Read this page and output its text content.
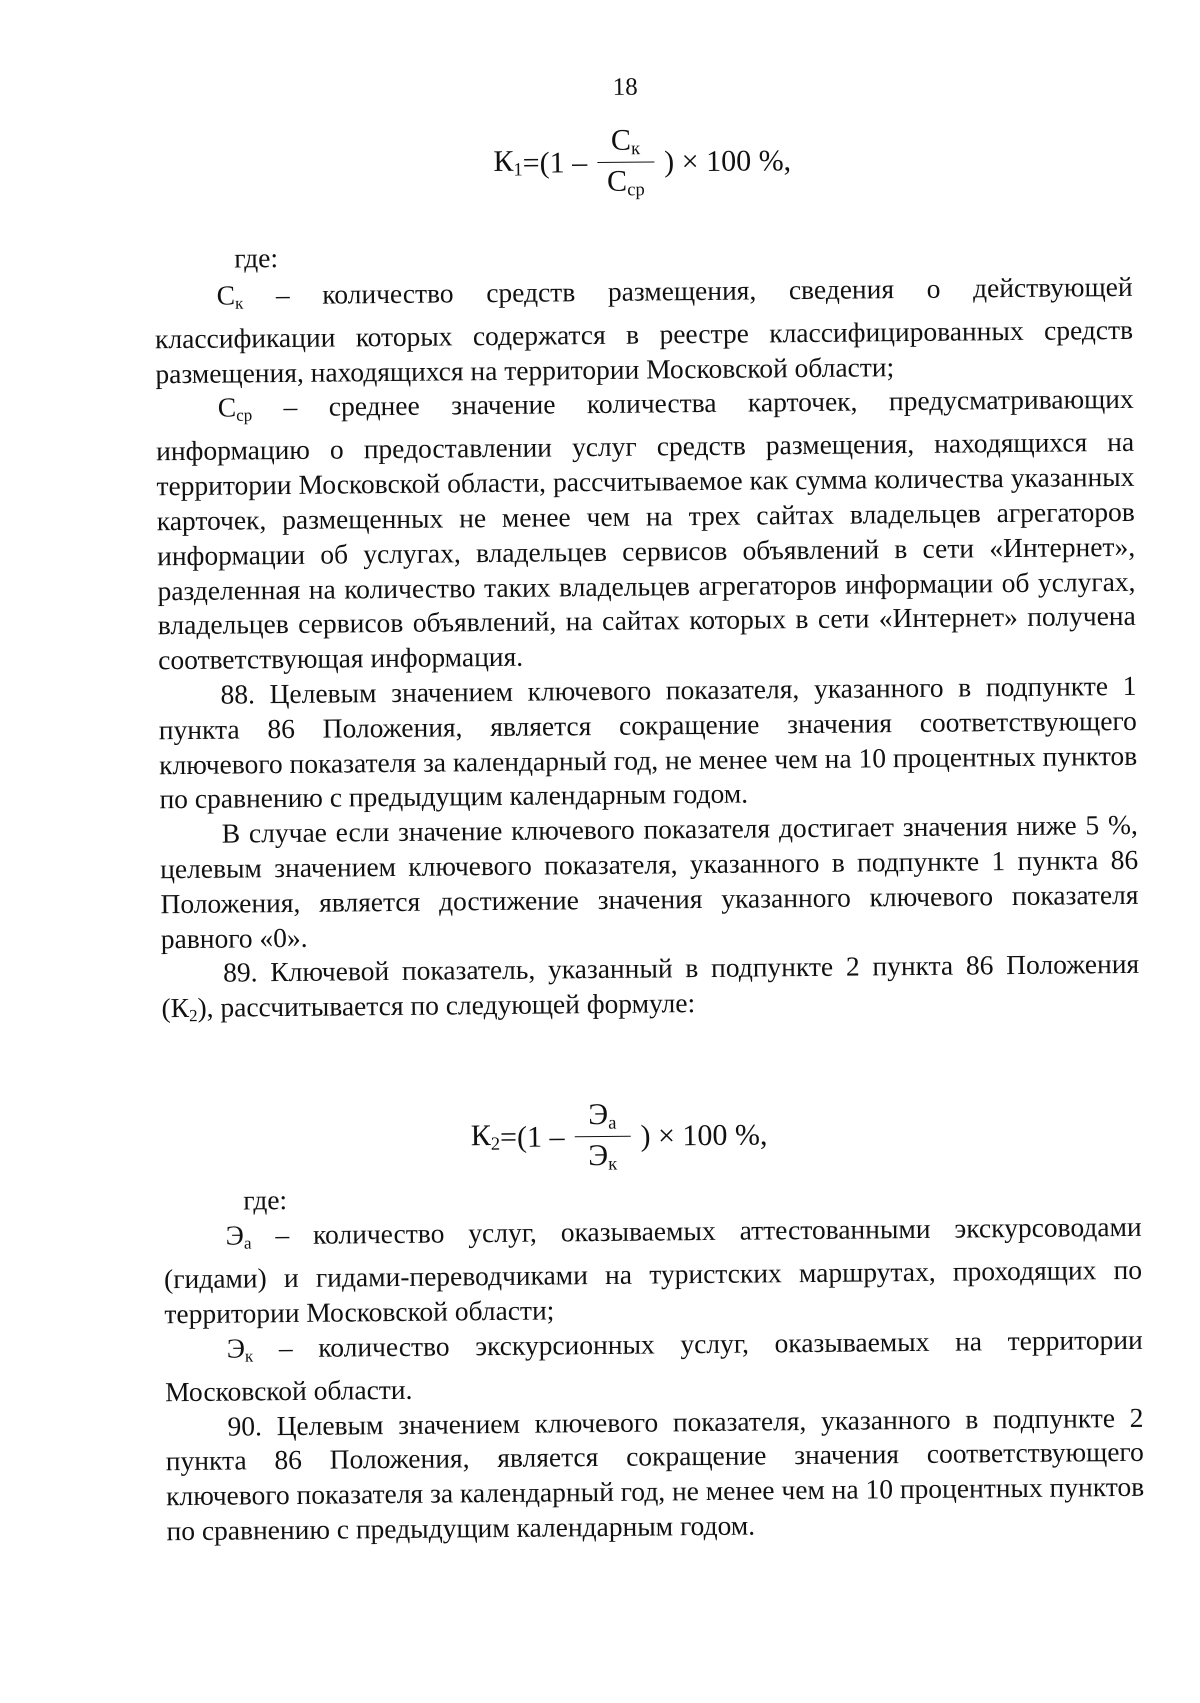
18
$К_1 =(1 - \frac{С_к}{С_{ср}}$ ) × 100 %,

где:

$С_к$ – количество средств размещения, сведения о действующей классификации которых содержатся в реестре классифицированных средств размещения, находящихся на территории Московской области;

$С_{ср}$ – среднее значение количества карточек, предусматривающих информацию о предоставлении услуг средств размещения, находящихся на территории Московской области, рассчитываемое как сумма количества указанных карточек, размещенных не менее чем на трех сайтах владельцев агрегаторов информации об услугах, владельцев сервисов объявлений в сети «Интернет», разделенная на количество таких владельцев агрегаторов информации об услугах, владельцев сервисов объявлений, на сайтах которых в сети «Интернет» получена соответствующая информация.

88. Целевым значением ключевого показателя, указанного в подпункте 1 пункта 86 Положения, является сокращение значения соответствующего ключевого показателя за календарный год, не менее чем на 10 процентных пунктов по сравнению с предыдущим календарным годом.

В случае если значение ключевого показателя достигает значения ниже 5 %, целевым значением ключевого показателя, указанного в подпункте 1 пункта 86 Положения, является достижение значения указанного ключевого показателя равного «0».

89. Ключевой показатель, указанный в подпункте 2 пункта 86 Положения $(К_2)$, рассчитывается по следующей формуле:

где:

$Э_а$ – количество услуг, оказываемых аттестованными экскурсоводами (гидами) и гидами-переводчиками на туристских маршрутах, проходящих по территории Московской области;

$Э_к$ – количество экскурсионных услуг, оказываемых на территории Московской области.

90. Целевым значением ключевого показателя, указанного в подпункте 2 пункта 86 Положения, является сокращение значения соответствующего ключевого показателя за календарный год, не менее чем на 10 процентных пунктов по сравнению с предыдущим календарным годом.

$К_2 =(1 - \frac{Э_а}{Э_к}$ ) × 100 %,
